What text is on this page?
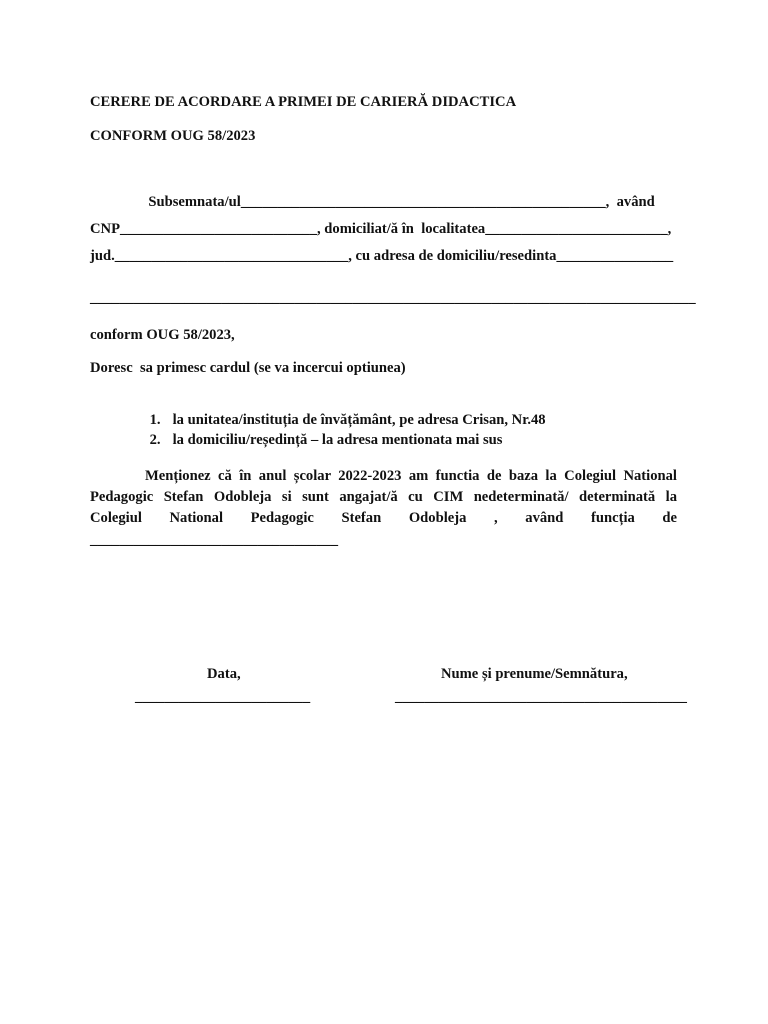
CERERE DE ACORDARE A PRIMEI DE CARIERĂ DIDACTICA
CONFORM OUG 58/2023
Subsemnata/ul__________________________________________________,  având
CNP___________________________, domiciliat/ă în  localitatea_________________________,
jud.________________________________, cu adresa de domiciliu/resedinta________________
___________________________________________________________________________________
conform OUG 58/2023,
Doresc  sa primesc cardul (se va incercui optiunea)

1. la unitatea/instituția de învățământ, pe adresa Crisan, Nr.48

2. la domiciliu/reședință – la adresa mentionata mai sus

Menționez că în anul școlar 2022-2023 am functia de baza la Colegiul National
Pedagogic Stefan Odobleja si sunt angajat/ă cu CIM nedeterminată/ determinată la
Colegiul National Pedagogic Stefan Odobleja , având funcția de
__________________________________
Data,	Nume și prenume/Semnătura,
________________________	________________________________________
